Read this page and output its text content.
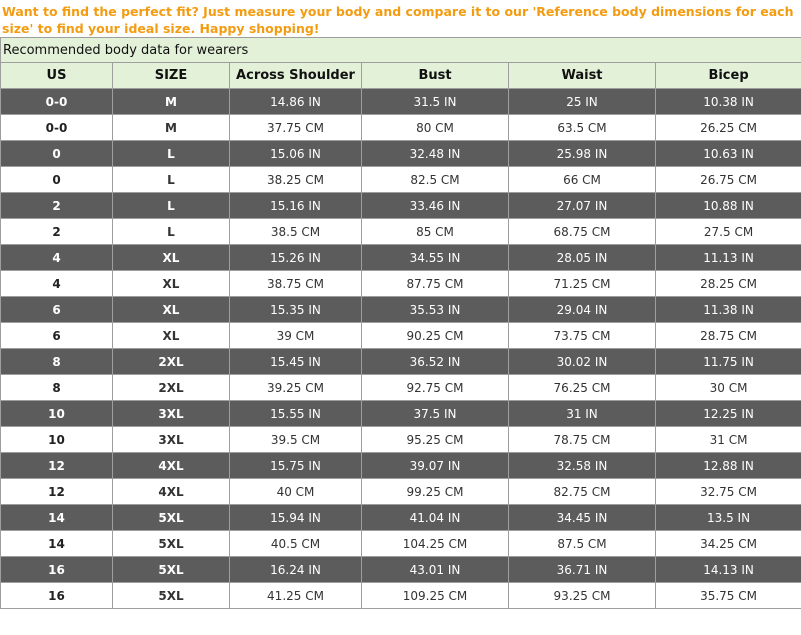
Want to find the perfect fit? Just measure your body and compare it to our 'Reference body dimensions for each size' to find your ideal size. Happy shopping!
Recommended body data for wearers					
US	SIZE	Across Shoulder	Bust	Waist	Bicep
0-0	M	14.86 IN	31.5 IN	25 IN	10.38 IN
0-0	M	37.75 CM	80 CM	63.5 CM	26.25 CM
0	L	15.06 IN	32.48 IN	25.98 IN	10.63 IN
0	L	38.25 CM	82.5 CM	66 CM	26.75 CM
2	L	15.16 IN	33.46 IN	27.07 IN	10.88 IN
2	L	38.5 CM	85 CM	68.75 CM	27.5 CM
4	XL	15.26 IN	34.55 IN	28.05 IN	11.13 IN
4	XL	38.75 CM	87.75 CM	71.25 CM	28.25 CM
6	XL	15.35 IN	35.53 IN	29.04 IN	11.38 IN
6	XL	39 CM	90.25 CM	73.75 CM	28.75 CM
8	2XL	15.45 IN	36.52 IN	30.02 IN	11.75 IN
8	2XL	39.25 CM	92.75 CM	76.25 CM	30 CM
10	3XL	15.55 IN	37.5 IN	31 IN	12.25 IN
10	3XL	39.5 CM	95.25 CM	78.75 CM	31 CM
12	4XL	15.75 IN	39.07 IN	32.58 IN	12.88 IN
12	4XL	40 CM	99.25 CM	82.75 CM	32.75 CM
14	5XL	15.94 IN	41.04 IN	34.45 IN	13.5 IN
14	5XL	40.5 CM	104.25 CM	87.5 CM	34.25 CM
16	5XL	16.24 IN	43.01 IN	36.71 IN	14.13 IN
16	5XL	41.25 CM	109.25 CM	93.25 CM	35.75 CM
